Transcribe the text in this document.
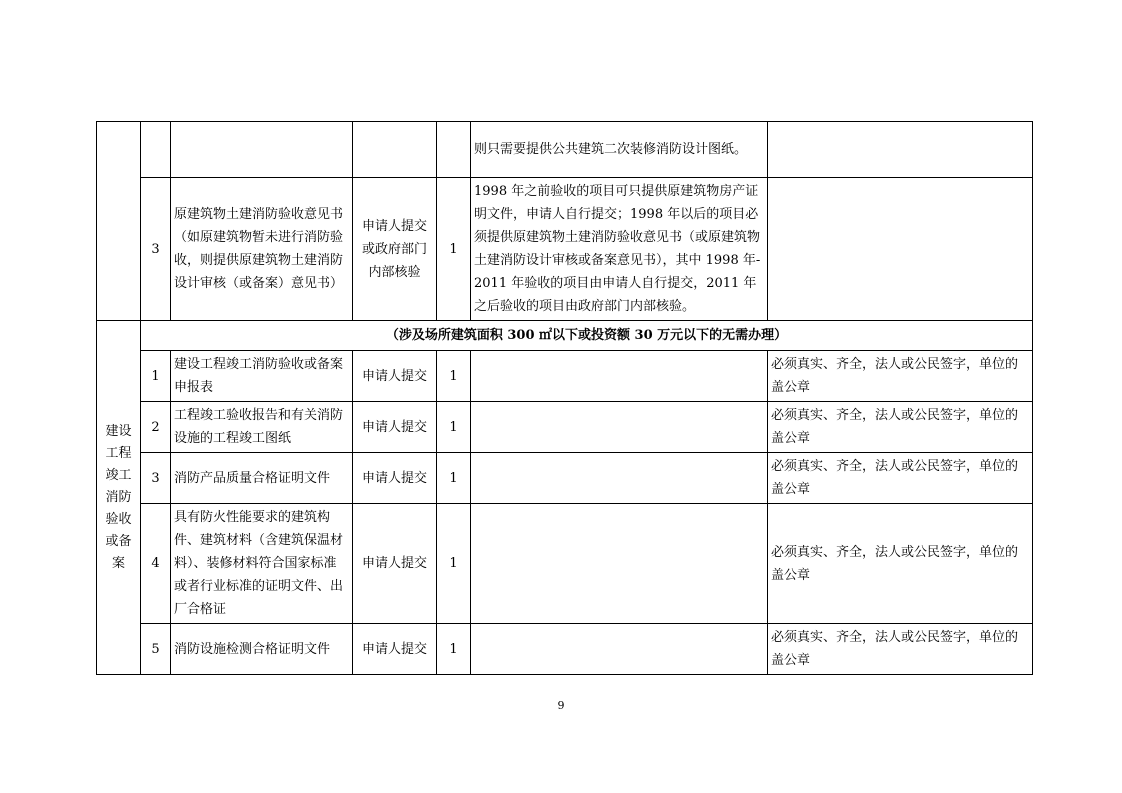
					则只需要提供公共建筑二次装修消防设计图纸。	
	3	原建筑物土建消防验收意见书（如原建筑物暂未进行消防验收，则提供原建筑物土建消防设计审核（或备案）意见书）	申请人提交或政府部门内部核验	1	1998 年之前验收的项目可只提供原建筑物房产证明文件，申请人自行提交；1998 年以后的项目必须提供原建筑物土建消防验收意见书（或原建筑物土建消防设计审核或备案意见书），其中 1998 年-2011 年验收的项目由申请人自行提交，2011 年之后验收的项目由政府部门内部核验。	
建设工程竣工消防验收或备案	（涉及场所建筑面积 300 ㎡以下或投资额 30 万元以下的无需办理）					
	1	建设工程竣工消防验收或备案申报表	申请人提交	1		必须真实、齐全，法人或公民签字，单位的盖公章
	2	工程竣工验收报告和有关消防设施的工程竣工图纸	申请人提交	1		必须真实、齐全，法人或公民签字，单位的盖公章
	3	消防产品质量合格证明文件	申请人提交	1		必须真实、齐全，法人或公民签字，单位的盖公章
	4	具有防火性能要求的建筑构件、建筑材料（含建筑保温材料）、装修材料符合国家标准或者行业标准的证明文件、出厂合格证	申请人提交	1		必须真实、齐全，法人或公民签字，单位的盖公章
	5	消防设施检测合格证明文件	申请人提交	1		必须真实、齐全，法人或公民签字，单位的盖公章
9
